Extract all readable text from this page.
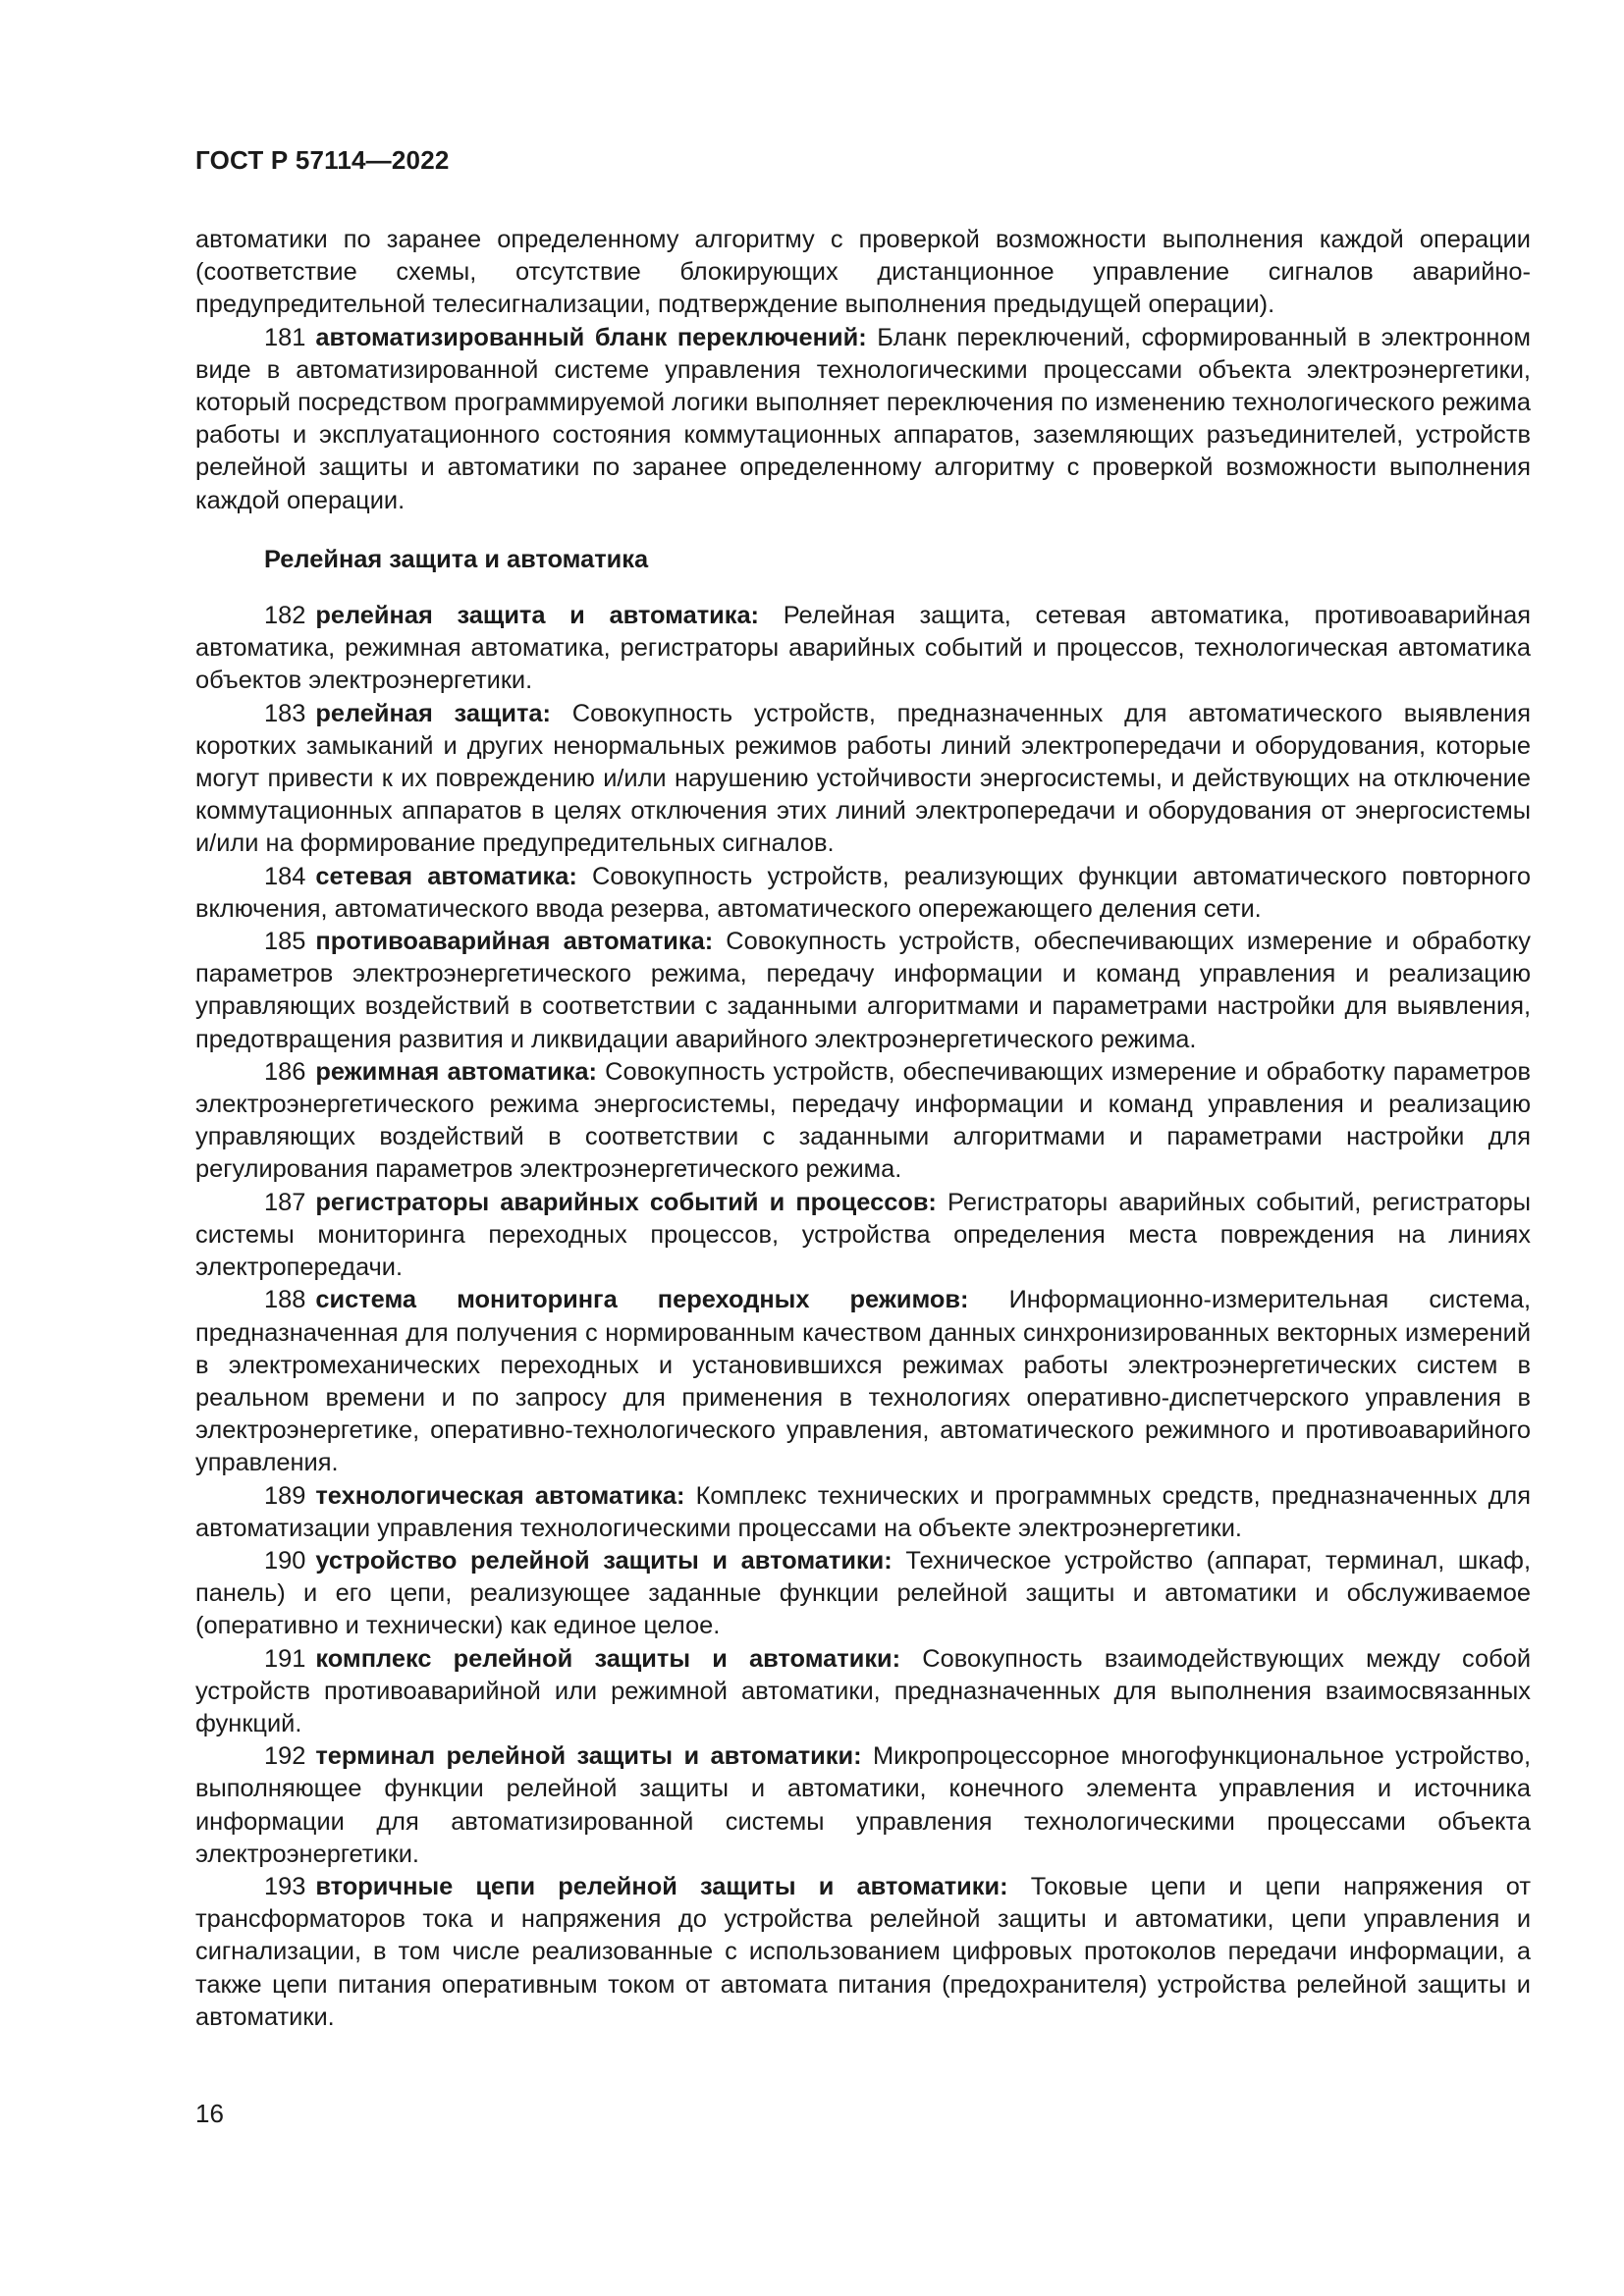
ГОСТ Р 57114—2022

автоматики по заранее определенному алгоритму с проверкой возможности выполнения каждой операции (соответствие схемы, отсутствие блокирующих дистанционное управление сигналов аварийно-предупредительной телесигнализации, подтверждение выполнения предыдущей операции).

181 автоматизированный бланк переключений: Бланк переключений, сформированный в электронном виде в автоматизированной системе управления технологическими процессами объекта электроэнергетики, который посредством программируемой логики выполняет переключения по изменению технологического режима работы и эксплуатационного состояния коммутационных аппаратов, заземляющих разъединителей, устройств релейной защиты и автоматики по заранее определенному алгоритму с проверкой возможности выполнения каждой операции.

Релейная защита и автоматика

182 релейная защита и автоматика: Релейная защита, сетевая автоматика, противоаварийная автоматика, режимная автоматика, регистраторы аварийных событий и процессов, технологическая автоматика объектов электроэнергетики.

183 релейная защита: Совокупность устройств, предназначенных для автоматического выявления коротких замыканий и других ненормальных режимов работы линий электропередачи и оборудования, которые могут привести к их повреждению и/или нарушению устойчивости энергосистемы, и действующих на отключение коммутационных аппаратов в целях отключения этих линий электропередачи и оборудования от энергосистемы и/или на формирование предупредительных сигналов.

184 сетевая автоматика: Совокупность устройств, реализующих функции автоматического повторного включения, автоматического ввода резерва, автоматического опережающего деления сети.

185 противоаварийная автоматика: Совокупность устройств, обеспечивающих измерение и обработку параметров электроэнергетического режима, передачу информации и команд управления и реализацию управляющих воздействий в соответствии с заданными алгоритмами и параметрами настройки для выявления, предотвращения развития и ликвидации аварийного электроэнергетического режима.

186 режимная автоматика: Совокупность устройств, обеспечивающих измерение и обработку параметров электроэнергетического режима энергосистемы, передачу информации и команд управления и реализацию управляющих воздействий в соответствии с заданными алгоритмами и параметрами настройки для регулирования параметров электроэнергетического режима.

187 регистраторы аварийных событий и процессов: Регистраторы аварийных событий, регистраторы системы мониторинга переходных процессов, устройства определения места повреждения на линиях электропередачи.

188 система мониторинга переходных режимов: Информационно-измерительная система, предназначенная для получения с нормированным качеством данных синхронизированных векторных измерений в электромеханических переходных и установившихся режимах работы электроэнергетических систем в реальном времени и по запросу для применения в технологиях оперативно-диспетчерского управления в электроэнергетике, оперативно-технологического управления, автоматического режимного и противоаварийного управления.

189 технологическая автоматика: Комплекс технических и программных средств, предназначенных для автоматизации управления технологическими процессами на объекте электроэнергетики.

190 устройство релейной защиты и автоматики: Техническое устройство (аппарат, терминал, шкаф, панель) и его цепи, реализующее заданные функции релейной защиты и автоматики и обслуживаемое (оперативно и технически) как единое целое.

191 комплекс релейной защиты и автоматики: Совокупность взаимодействующих между собой устройств противоаварийной или режимной автоматики, предназначенных для выполнения взаимосвязанных функций.

192 терминал релейной защиты и автоматики: Микропроцессорное многофункциональное устройство, выполняющее функции релейной защиты и автоматики, конечного элемента управления и источника информации для автоматизированной системы управления технологическими процессами объекта электроэнергетики.

193 вторичные цепи релейной защиты и автоматики: Токовые цепи и цепи напряжения от трансформаторов тока и напряжения до устройства релейной защиты и автоматики, цепи управления и сигнализации, в том числе реализованные с использованием цифровых протоколов передачи информации, а также цепи питания оперативным током от автомата питания (предохранителя) устройства релейной защиты и автоматики.

16
